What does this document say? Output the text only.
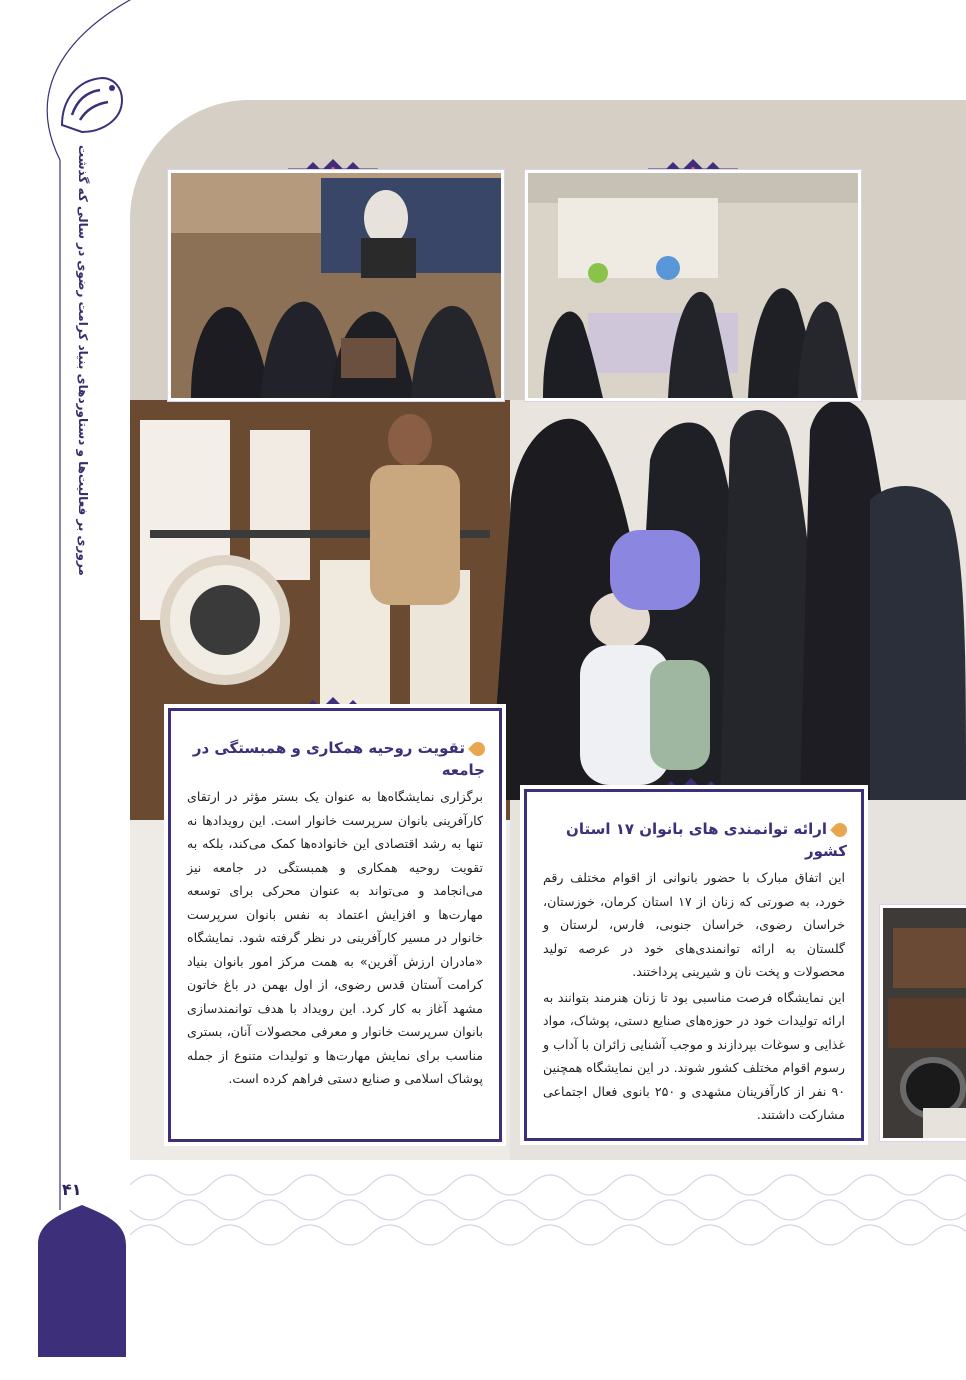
مروری بر فعالیت‌ها و دستاوردهای بنیاد کرامت رضوی در سالی که گذشت
۴۱
تقویت روحیه همکاری و همبستگی در جامعه

برگزاری نمایشگاه‌ها به عنوان یک بستر مؤثر در ارتقای کارآفرینی بانوان سرپرست خانوار است. این رویدادها نه تنها به رشد اقتصادی این خانواده‌ها کمک می‌کند، بلکه به تقویت روحیه همکاری و همبستگی در جامعه نیز می‌انجامد و می‌تواند به عنوان محرکی برای توسعه مهارت‌ها و افزایش اعتماد به نفس بانوان سرپرست خانوار در مسیر کارآفرینی در نظر گرفته شود. نمایشگاه «مادران ارزش آفرین» به همت مرکز امور بانوان بنیاد کرامت آستان قدس رضوی، از اول بهمن در باغ خاتون مشهد آغاز به کار کرد. این رویداد با هدف توانمندسازی بانوان سرپرست خانوار و معرفی محصولات آنان، بستری مناسب برای نمایش مهارت‌ها و تولیدات متنوع از جمله پوشاک اسلامی و صنایع دستی فراهم کرده است.

ارائه توانمندی های بانوان ۱۷ استان کشور

این اتفاق مبارک با حضور بانوانی از اقوام مختلف رقم خورد، به صورتی که زنان از ۱۷ استان کرمان، خوزستان، خراسان رضوی، خراسان جنوبی، فارس، لرستان و گلستان به ارائه توانمندی‌های خود در عرصه تولید محصولات و پخت نان و شیرینی پرداختند.

این نمایشگاه فرصت مناسبی بود تا زنان هنرمند بتوانند به ارائه تولیدات خود در حوزه‌های صنایع دستی، پوشاک، مواد غذایی و سوغات بپردازند و موجب آشنایی زائران با آداب و رسوم اقوام مختلف کشور شوند. در این نمایشگاه همچنین ۹۰ نفر از کارآفرینان مشهدی و ۲۵۰ بانوی فعال اجتماعی مشارکت داشتند.
